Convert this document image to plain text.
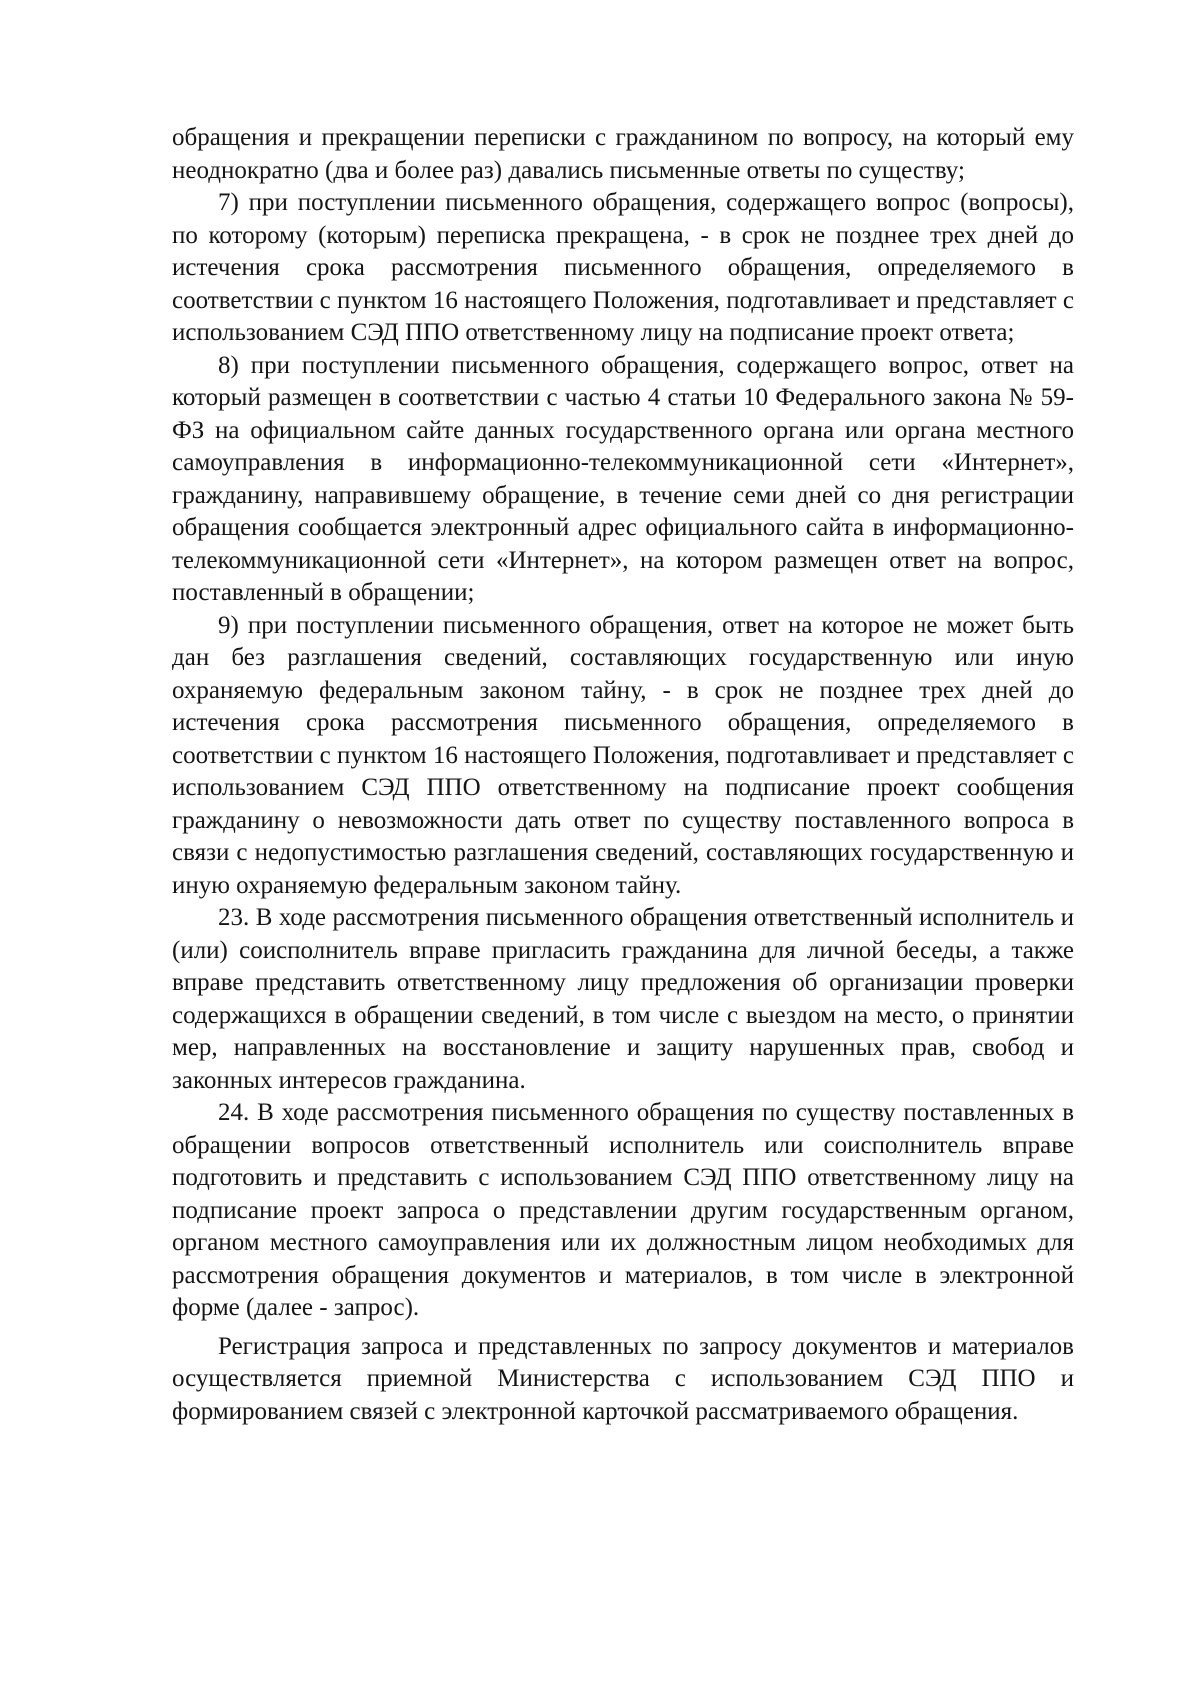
обращения и прекращении переписки с гражданином по вопросу, на который ему неоднократно (два и более раз) давались письменные ответы по существу;

7) при поступлении письменного обращения, содержащего вопрос (вопросы), по которому (которым) переписка прекращена, - в срок не позднее трех дней до истечения срока рассмотрения письменного обращения, определяемого в соответствии с пунктом 16 настоящего Положения, подготавливает и представляет с использованием СЭД ППО ответственному лицу на подписание проект ответа;

8) при поступлении письменного обращения, содержащего вопрос, ответ на который размещен в соответствии с частью 4 статьи 10 Федерального закона № 59-ФЗ на официальном сайте данных государственного органа или органа местного самоуправления в информационно-телекоммуникационной сети «Интернет», гражданину, направившему обращение, в течение семи дней со дня регистрации обращения сообщается электронный адрес официального сайта в информационно-телекоммуникационной сети «Интернет», на котором размещен ответ на вопрос, поставленный в обращении;

9) при поступлении письменного обращения, ответ на которое не может быть дан без разглашения сведений, составляющих государственную или иную охраняемую федеральным законом тайну, - в срок не позднее трех дней до истечения срока рассмотрения письменного обращения, определяемого в соответствии с пунктом 16 настоящего Положения, подготавливает и представляет с использованием СЭД ППО ответственному на подписание проект сообщения гражданину о невозможности дать ответ по существу поставленного вопроса в связи с недопустимостью разглашения сведений, составляющих государственную и иную охраняемую федеральным законом тайну.

23. В ходе рассмотрения письменного обращения ответственный исполнитель и (или) соисполнитель вправе пригласить гражданина для личной беседы, а также вправе представить ответственному лицу предложения об организации проверки содержащихся в обращении сведений, в том числе с выездом на место, о принятии мер, направленных на восстановление и защиту нарушенных прав, свобод и законных интересов гражданина.

24. В ходе рассмотрения письменного обращения по существу поставленных в обращении вопросов ответственный исполнитель или соисполнитель вправе подготовить и представить с использованием СЭД ППО ответственному лицу на подписание проект запроса о представлении другим государственным органом, органом местного самоуправления или их должностным лицом необходимых для рассмотрения обращения документов и материалов, в том числе в электронной форме (далее - запрос).

Регистрация запроса и представленных по запросу документов и материалов осуществляется приемной Министерства с использованием СЭД ППО и формированием связей с электронной карточкой рассматриваемого обращения.
